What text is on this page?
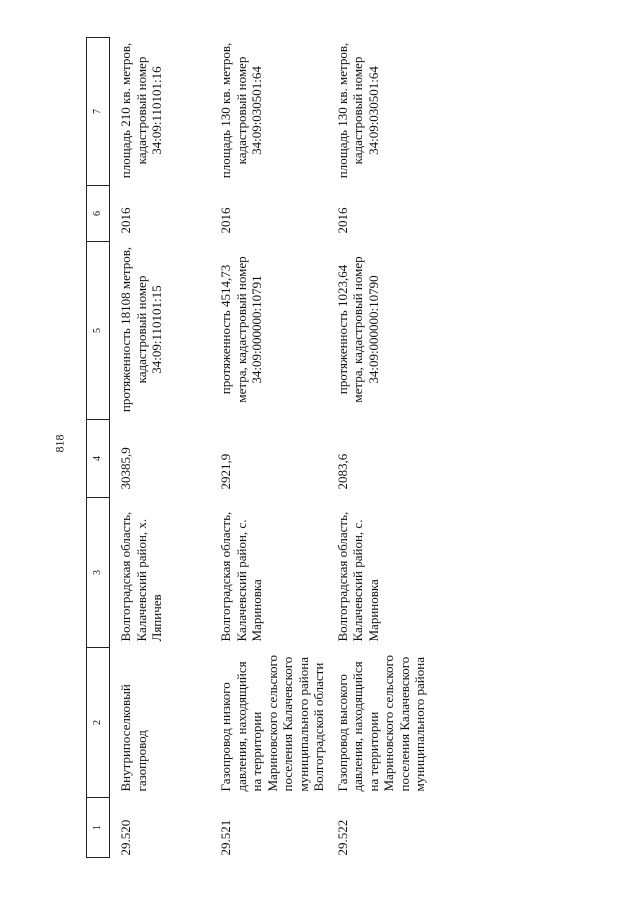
818
1	2	3	4	5	6	7
29.520	Внутрипоселковый газопровод	Волгоградская область, Калачевский район, х. Ляпичев	30385,9	протяженность 18108 метров, кадастровый номер 34:09:110101:15	2016	площадь 210 кв. метров, кадастровый номер 34:09:110101:16
29.521	Газопровод низкого давления, находящийся на территории Мариновского сельского поселения Калачевского муниципального района Волгоградской области	Волгоградская область, Калачевский район, с. Мариновка	2921,9	протяженность 4514,73 метра, кадастровый номер 34:09:000000:10791	2016	площадь 130 кв. метров, кадастровый номер 34:09:030501:64
29.522	Газопровод высокого давления, находящийся на территории Мариновского сельского поселения Калачевского муниципального района	Волгоградская область, Калачевский район, с. Мариновка	2083,6	протяженность 1023,64 метра, кадастровый номер 34:09:000000:10790	2016	площадь 130 кв. метров, кадастровый номер 34:09:030501:64
